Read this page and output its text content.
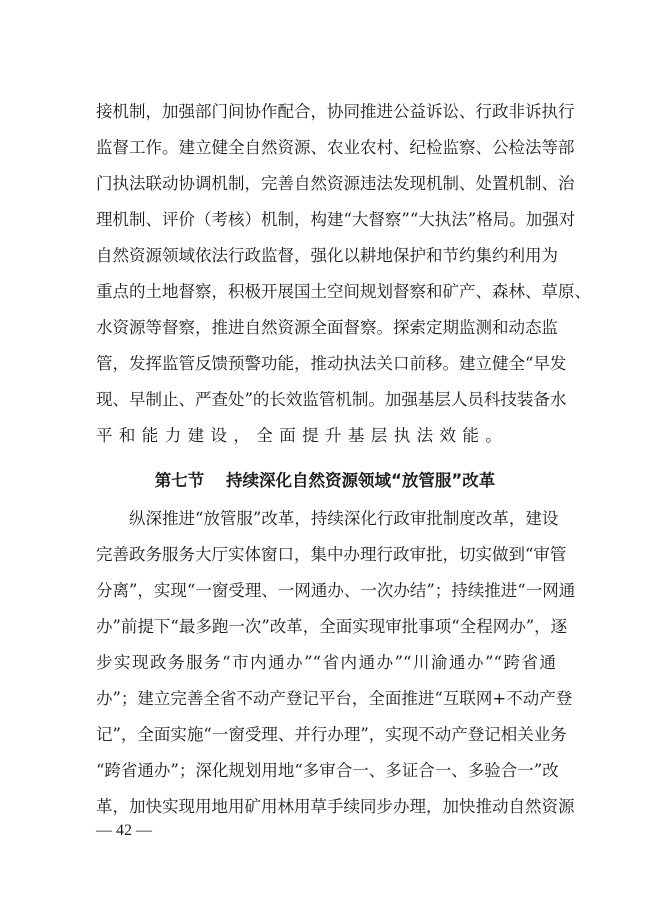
接机制，加强部门间协作配合，协同推进公益诉讼、行政非诉执行
监督工作。建立健全自然资源、农业农村、纪检监察、公检法等部
门执法联动协调机制，完善自然资源违法发现机制、处置机制、治
理机制、评价（考核）机制，构建“大督察”“大执法”格局。加强对
自然资源领域依法行政监督，强化以耕地保护和节约集约利用为
重点的土地督察，积极开展国土空间规划督察和矿产、森林、草原、
水资源等督察，推进自然资源全面督察。探索定期监测和动态监
管，发挥监管反馈预警功能，推动执法关口前移。建立健全“早发
现、早制止、严查处”的长效监管机制。加强基层人员科技装备水
平和能力建设，全面提升基层执法效能。
第七节 持续深化自然资源领域“放管服”改革
　　纵深推进“放管服”改革，持续深化行政审批制度改革，建设
完善政务服务大厅实体窗口，集中办理行政审批，切实做到“审管
分离”，实现“一窗受理、一网通办、一次办结”；持续推进“一网通
办”前提下“最多跑一次”改革，全面实现审批事项“全程网办”，逐
步实现政务服务“市内通办”“省内通办”“川渝通办”“跨省通
办”；建立完善全省不动产登记平台，全面推进“互联网+不动产登
记”，全面实施“一窗受理、并行办理”，实现不动产登记相关业务
“跨省通办”；深化规划用地“多审合一、多证合一、多验合一”改
革，加快实现用地用矿用林用草手续同步办理，加快推动自然资源
— 42 —
